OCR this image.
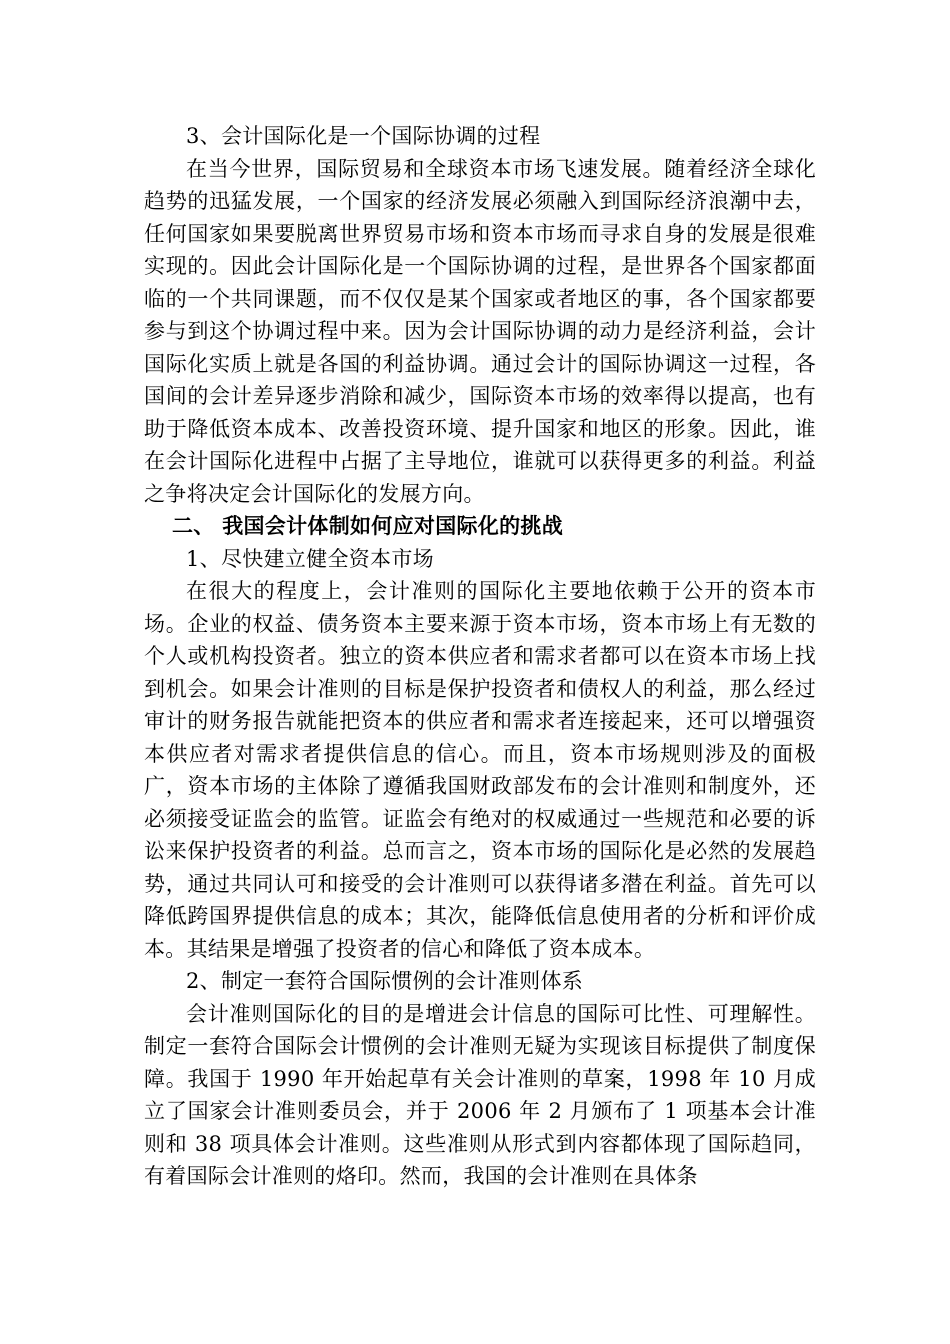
3、会计国际化是一个国际协调的过程

在当今世界，国际贸易和全球资本市场飞速发展。随着经济全球化趋势的迅猛发展，一个国家的经济发展必须融入到国际经济浪潮中去，任何国家如果要脱离世界贸易市场和资本市场而寻求自身的发展是很难实现的。因此会计国际化是一个国际协调的过程，是世界各个国家都面临的一个共同课题，而不仅仅是某个国家或者地区的事，各个国家都要参与到这个协调过程中来。因为会计国际协调的动力是经济利益，会计国际化实质上就是各国的利益协调。通过会计的国际协调这一过程，各国间的会计差异逐步消除和减少，国际资本市场的效率得以提高，也有助于降低资本成本、改善投资环境、提升国家和地区的形象。因此，谁在会计国际化进程中占据了主导地位，谁就可以获得更多的利益。利益之争将决定会计国际化的发展方向。

二、 我国会计体制如何应对国际化的挑战

1、尽快建立健全资本市场

在很大的程度上，会计准则的国际化主要地依赖于公开的资本市场。企业的权益、债务资本主要来源于资本市场，资本市场上有无数的个人或机构投资者。独立的资本供应者和需求者都可以在资本市场上找到机会。如果会计准则的目标是保护投资者和债权人的利益，那么经过审计的财务报告就能把资本的供应者和需求者连接起来，还可以增强资本供应者对需求者提供信息的信心。而且，资本市场规则涉及的面极广，资本市场的主体除了遵循我国财政部发布的会计准则和制度外，还必须接受证监会的监管。证监会有绝对的权威通过一些规范和必要的诉讼来保护投资者的利益。总而言之，资本市场的国际化是必然的发展趋势，通过共同认可和接受的会计准则可以获得诸多潜在利益。首先可以降低跨国界提供信息的成本；其次，能降低信息使用者的分析和评价成本。其结果是增强了投资者的信心和降低了资本成本。

2、制定一套符合国际惯例的会计准则体系

会计准则国际化的目的是增进会计信息的国际可比性、可理解性。制定一套符合国际会计惯例的会计准则无疑为实现该目标提供了制度保障。我国于 1990 年开始起草有关会计准则的草案，1998 年 10 月成立了国家会计准则委员会，并于 2006 年 2 月颁布了 1 项基本会计准则和 38 项具体会计准则。这些准则从形式到内容都体现了国际趋同，有着国际会计准则的烙印。然而，我国的会计准则在具体条
